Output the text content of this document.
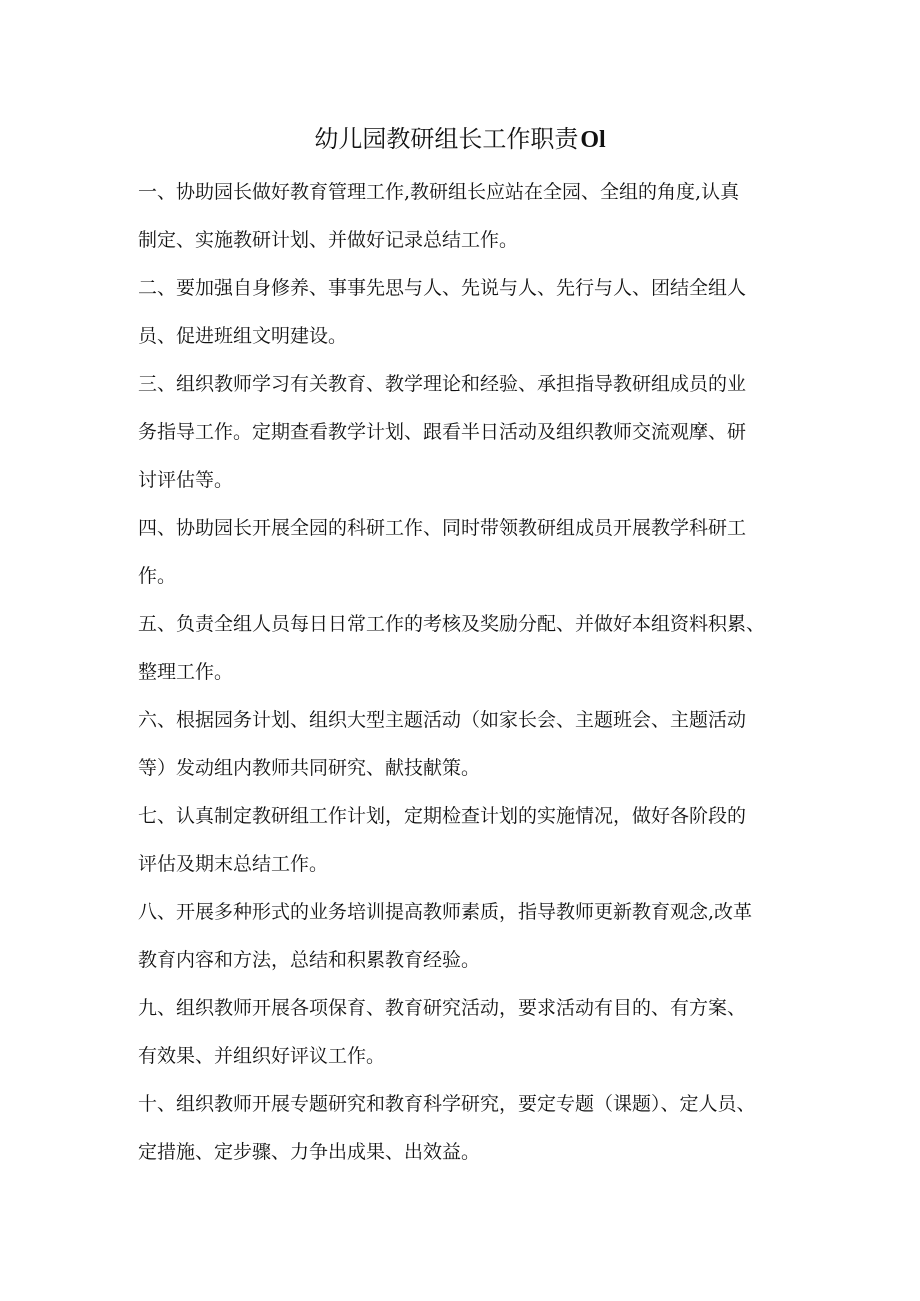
幼儿园教研组长工作职责Ol

一、协助园长做好教育管理工作,教研组长应站在全园、全组的角度,认真
制定、实施教研计划、并做好记录总结工作。

二、要加强自身修养、事事先思与人、先说与人、先行与人、团结全组人
员、促进班组文明建设。

三、组织教师学习有关教育、教学理论和经验、承担指导教研组成员的业
务指导工作。定期查看教学计划、跟看半日活动及组织教师交流观摩、研
讨评估等。

四、协助园长开展全园的科研工作、同时带领教研组成员开展教学科研工
作。

五、负责全组人员每日日常工作的考核及奖励分配、并做好本组资料积累、
整理工作。

六、根据园务计划、组织大型主题活动（如家长会、主题班会、主题活动
等）发动组内教师共同研究、献技献策。

七、认真制定教研组工作计划，定期检查计划的实施情况，做好各阶段的
评估及期末总结工作。

八、开展多种形式的业务培训提高教师素质，指导教师更新教育观念,改革
教育内容和方法，总结和积累教育经验。

九、组织教师开展各项保育、教育研究活动，要求活动有目的、有方案、
有效果、并组织好评议工作。

十、组织教师开展专题研究和教育科学研究，要定专题（课题）、定人员、
定措施、定步骤、力争出成果、出效益。
